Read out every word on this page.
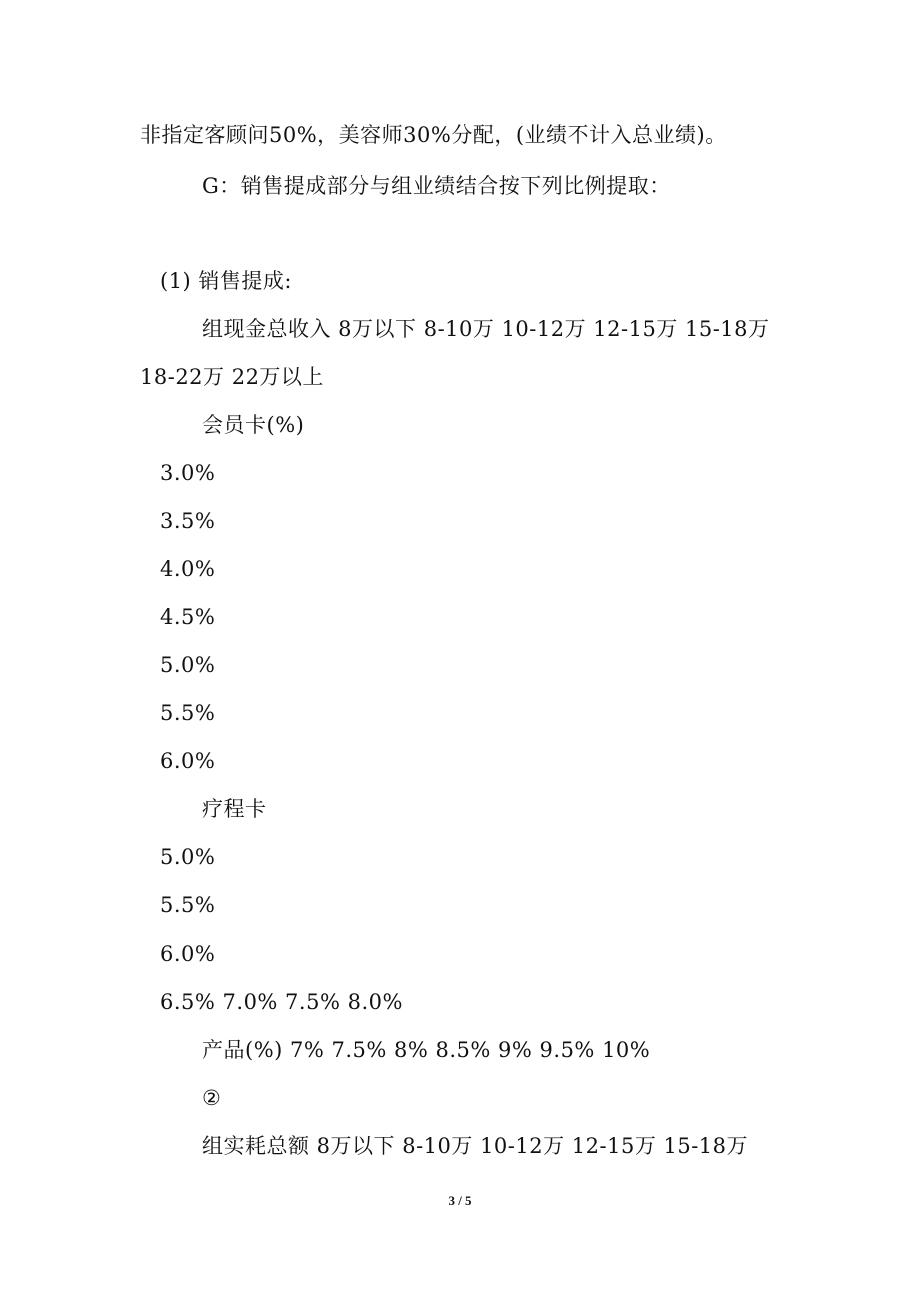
非指定客顾问50%，美容师30%分配，(业绩不计入总业绩)。
G：销售提成部分与组业绩结合按下列比例提取：
(1) 销售提成:
组现金总收入 8万以下 8-10万 10-12万 12-15万 15-18万
18-22万 22万以上
会员卡(%)
3.0%
3.5%
4.0%
4.5%
5.0%
5.5%
6.0%
疗程卡
5.0%
5.5%
6.0%
6.5% 7.0% 7.5% 8.0%
产品(%) 7% 7.5% 8% 8.5% 9% 9.5% 10%
②
组实耗总额 8万以下 8-10万 10-12万 12-15万 15-18万
3 / 5
